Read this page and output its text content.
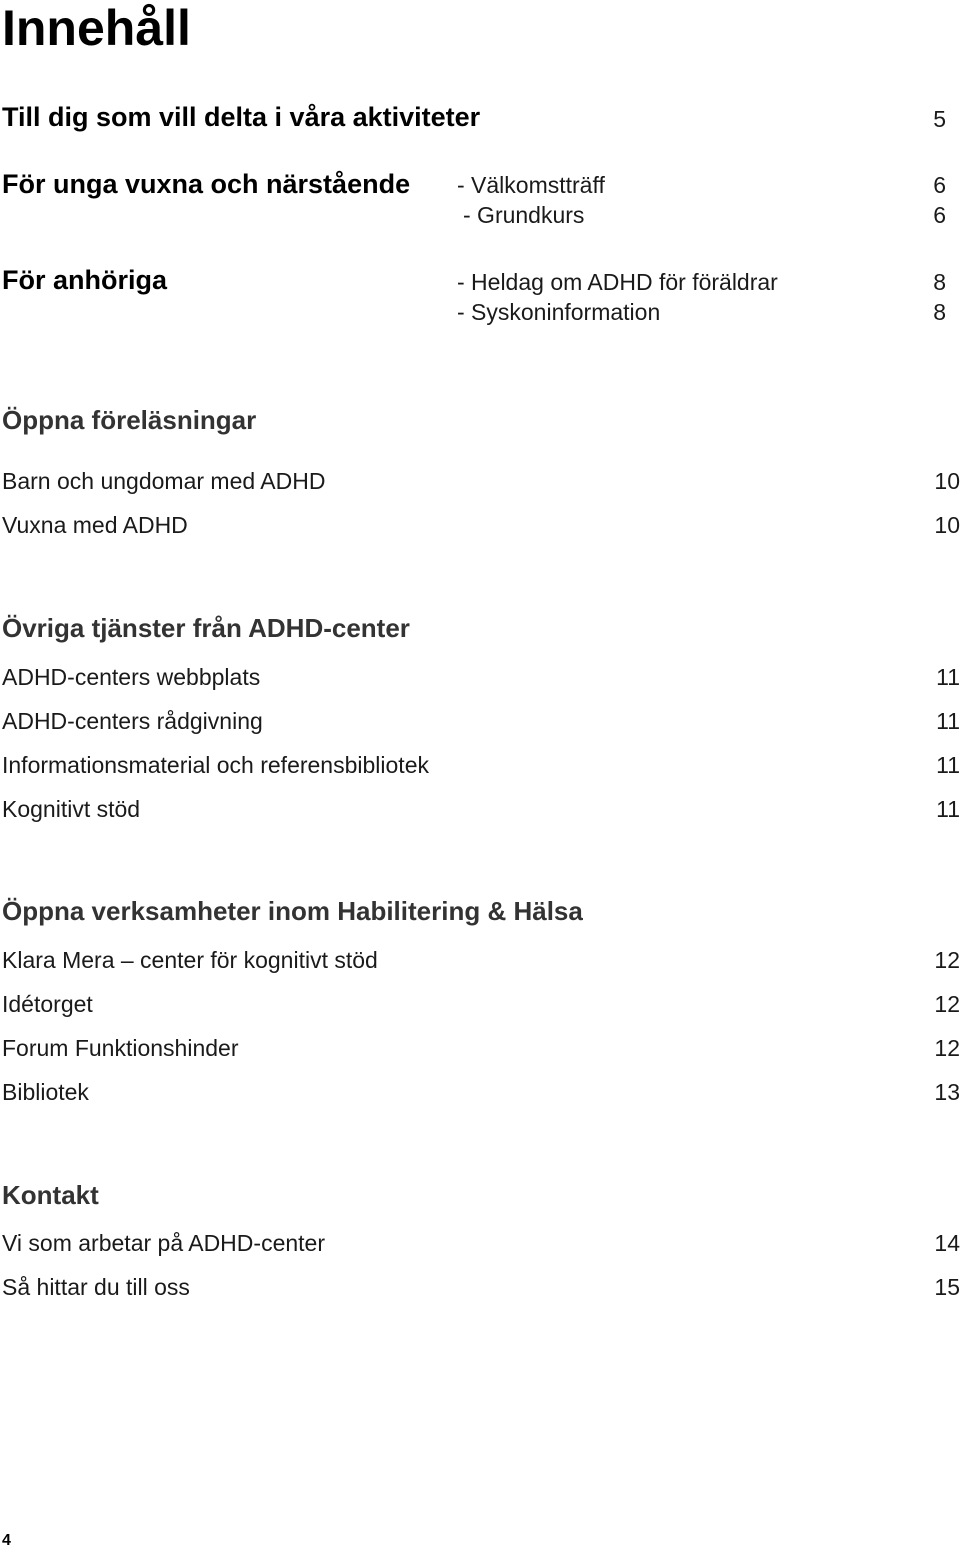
Innehåll
Till dig som vill delta i våra aktiviteter	5
För unga vuxna och närstående - Välkomstträff	6
- Grundkurs	6
För anhöriga	- Heldag om ADHD för föräldrar	8
- Syskoninformation	8
Öppna föreläsningar
Barn och ungdomar med ADHD	10
Vuxna med ADHD	10
Övriga tjänster från ADHD-center
ADHD-centers webbplats	11
ADHD-centers rådgivning	11
Informationsmaterial och referensbibliotek	11
Kognitivt stöd	11
Öppna verksamheter inom Habilitering & Hälsa
Klara Mera – center för kognitivt stöd	12
Idétorget	12
Forum Funktionshinder	12
Bibliotek	13
Kontakt
Vi som arbetar på ADHD-center	14
Så hittar du till oss	15
4
